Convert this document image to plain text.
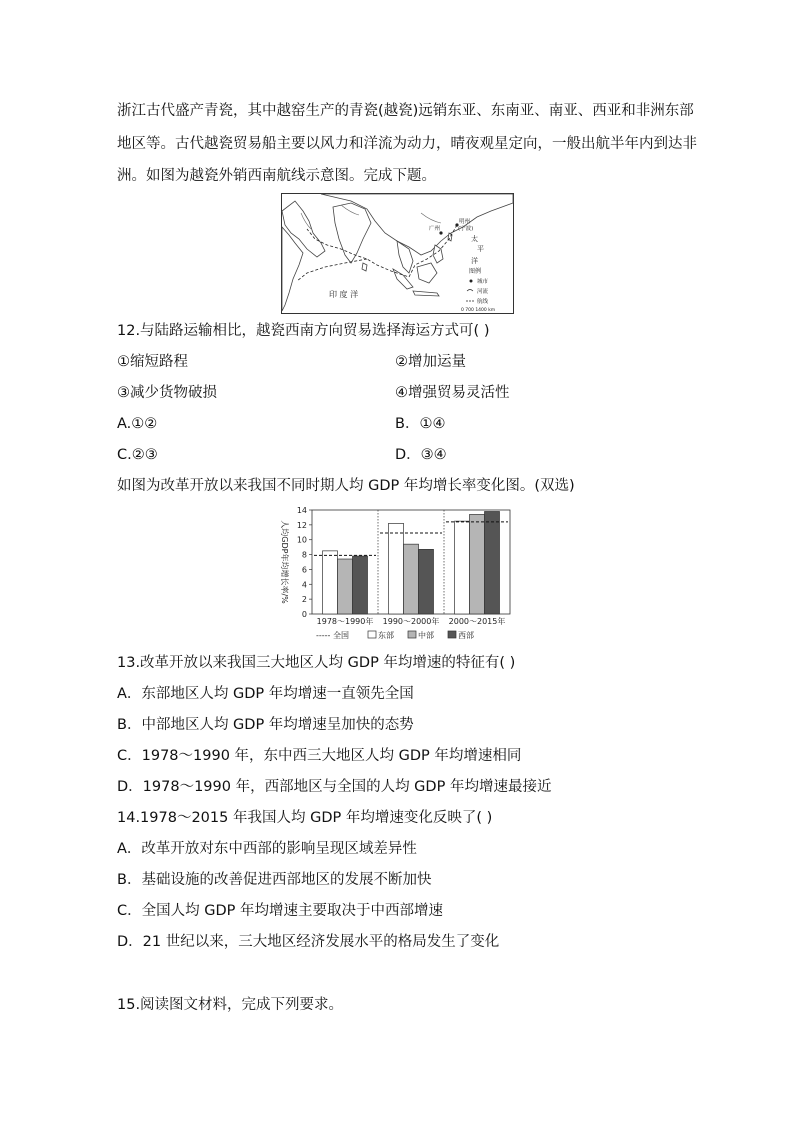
浙江古代盛产青瓷，其中越窑生产的青瓷(越瓷)远销东亚、东南亚、南亚、西亚和非洲东部
地区等。古代越瓷贸易船主要以风力和洋流为动力，晴夜观星定向，一般出航半年内到达非
洲。如图为越瓷外销西南航线示意图。完成下题。
广州
明州
(宁波)
太
平
洋
印 度 洋
图例
城市
河流
航线
0 700 1400 km
12.与陆路运输相比，越瓷西南方向贸易选择海运方式可( )
①缩短路程	②增加运量
③减少货物破损	④增强贸易灵活性
A.①②	B．①④
C.②③	D．③④
如图为改革开放以来我国不同时期人均 GDP 年均增长率变化图。(双选)
0
2
4
6
8
10
12
14
人均GDP年均增长率/%
1978～1990年 1990～2000年 2000～2015年
----- 全国	东部	中部	西部
13.改革开放以来我国三大地区人均 GDP 年均增速的特征有( )
A．东部地区人均 GDP 年均增速一直领先全国
B．中部地区人均 GDP 年均增速呈加快的态势
C．1978～1990 年，东中西三大地区人均 GDP 年均增速相同
D．1978～1990 年，西部地区与全国的人均 GDP 年均增速最接近
14.1978～2015 年我国人均 GDP 年均增速变化反映了( )
A．改革开放对东中西部的影响呈现区域差异性
B．基础设施的改善促进西部地区的发展不断加快
C．全国人均 GDP 年均增速主要取决于中西部增速
D．21 世纪以来，三大地区经济发展水平的格局发生了变化
15.阅读图文材料，完成下列要求。
